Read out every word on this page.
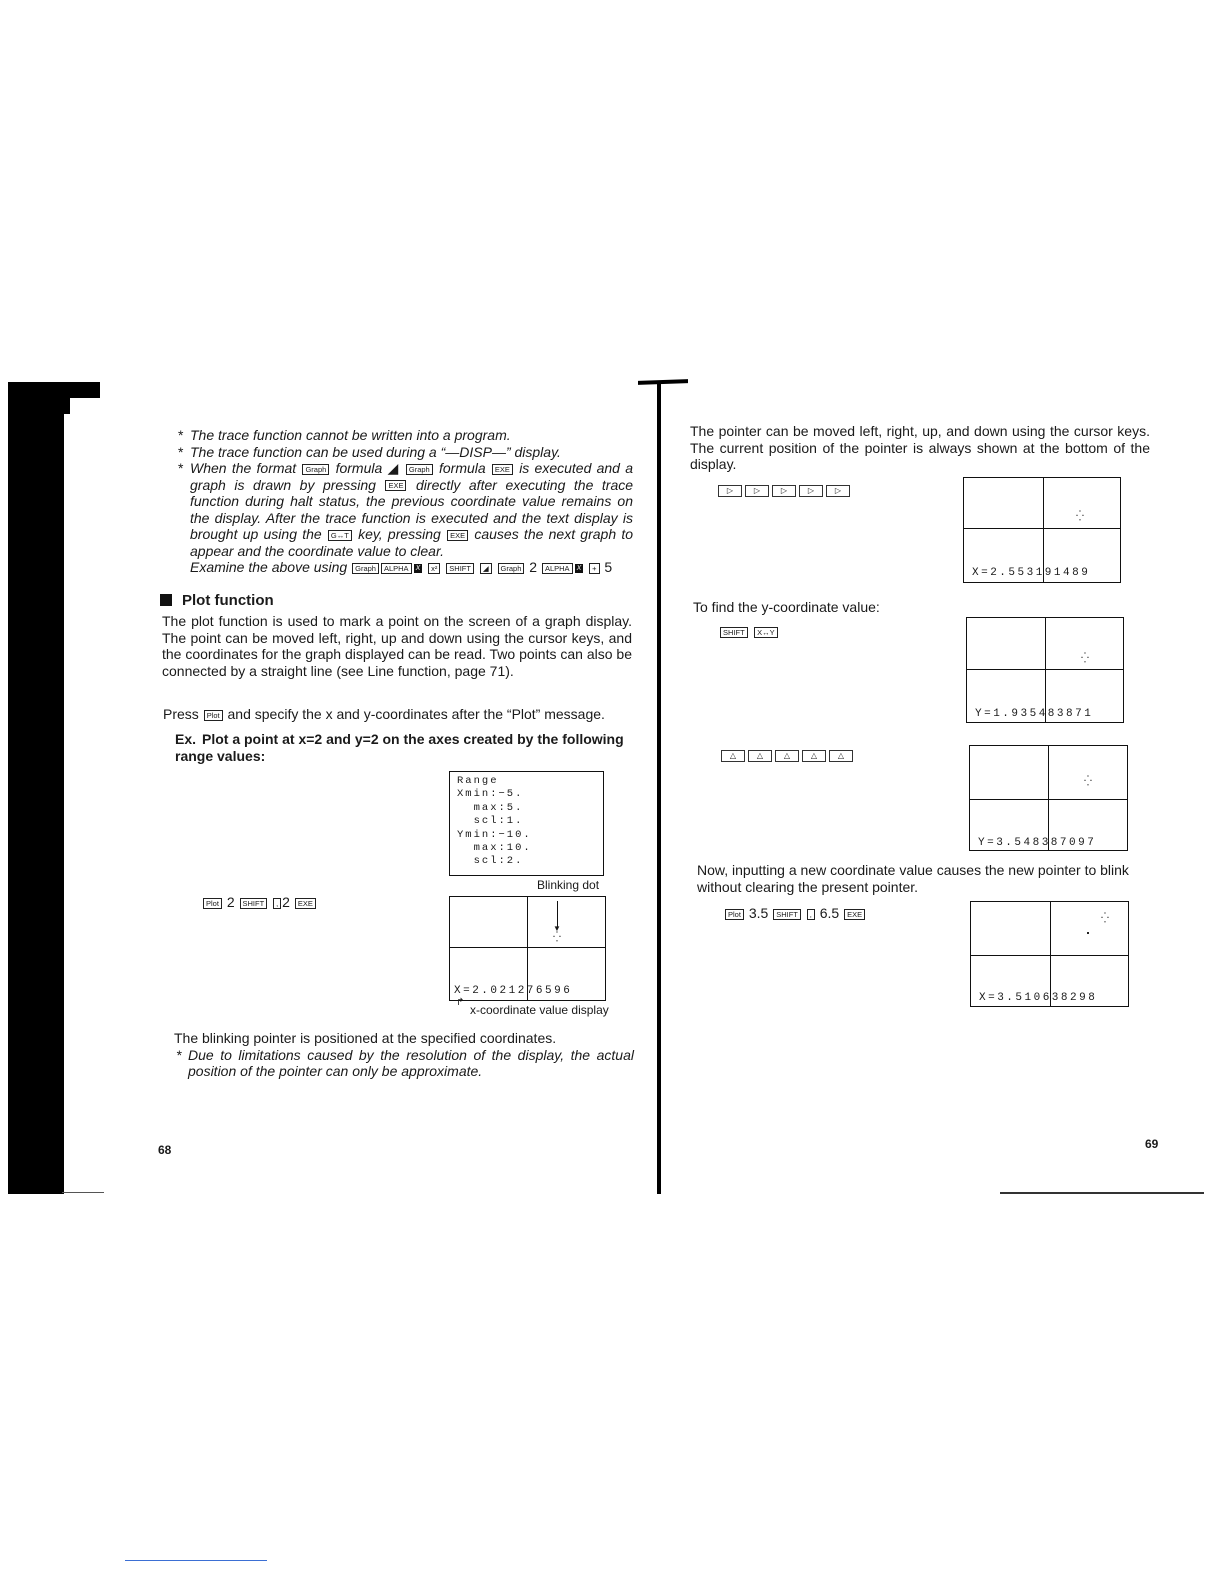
* The trace function cannot be written into a program.
* The trace function can be used during a “—DISP—” display.
* When the format Graph formula ◢ Graph formula EXE is executed and a graph is drawn by pressing EXE directly after executing the trace function during halt status, the previous coordinate value remains on the display. After the trace function is executed and the text display is brought up using the G↔T key, pressing EXE causes the next graph to appear and the coordinate value to clear.
Examine the above using Graph ALPHA X x² SHIFT ◢ Graph 2 ALPHA X + 5
Plot function
The plot function is used to mark a point on the screen of a graph display. The point can be moved left, right, up and down using the cursor keys, and the coordinates for the graph displayed can be read. Two points can also be connected by a straight line (see Line function, page 71).
Press Plot and specify the x and y-coordinates after the “Plot” message.
Ex. Plot a point at x=2 and y=2 on the axes created by the following range values:
Range
Xmin:−5.
max:5.
scl:1.
Ymin:−10.
max:10.
scl:2.
Blinking dot
Plot 2 SHIFT , 2 EXE
▼
⁛
X=2.021276596
↱
x-coordinate value display
The blinking pointer is positioned at the specified coordinates.
* Due to limitations caused by the resolution of the display, the actual position of the pointer can only be approximate.
68
The pointer can be moved left, right, up, and down using the cursor keys. The current position of the pointer is always shown at the bottom of the display.
▷	▷	▷	▷	▷
⁛
X=2.553191489
To find the y-coordinate value:
SHIFT X↔Y
⁛
Y=1.935483871
△	△	△	△	△
⁛
Y=3.548387097
Now, inputting a new coordinate value causes the new pointer to blink without clearing the present pointer.
Plot 3.5 SHIFT , 6.5 EXE	⁛
X=3.510638298
69
